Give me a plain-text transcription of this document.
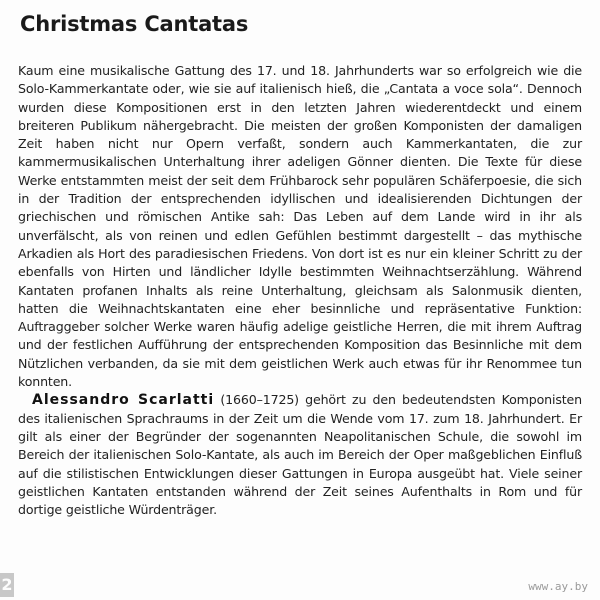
Christmas Cantatas

Kaum eine musikalische Gattung des 17. und 18. Jahrhunderts war so erfolgreich wie die Solo-Kammerkantate oder, wie sie auf italienisch hieß, die „Cantata a voce sola“. Dennoch wurden diese Kompositionen erst in den letzten Jahren wiederentdeckt und einem breiteren Publikum nähergebracht. Die meisten der großen Komponisten der damaligen Zeit haben nicht nur Opern verfaßt, sondern auch Kammerkantaten, die zur kammermusikalischen Unterhaltung ihrer adeligen Gönner dienten. Die Texte für diese Werke entstammten meist der seit dem Frühbarock sehr populären Schäferpoesie, die sich in der Tradition der entsprechenden idyllischen und idealisierenden Dichtungen der griechischen und römischen Antike sah: Das Leben auf dem Lande wird in ihr als unverfälscht, als von reinen und edlen Gefühlen bestimmt dargestellt – das mythische Arkadien als Hort des paradiesischen Friedens. Von dort ist es nur ein kleiner Schritt zu der ebenfalls von Hirten und ländlicher Idylle bestimmten Weihnachtserzählung. Während Kantaten profanen Inhalts als reine Unterhaltung, gleichsam als Salonmusik dienten, hatten die Weihnachtskantaten eine eher besinnliche und repräsentative Funktion: Auftraggeber solcher Werke waren häufig adelige geistliche Herren, die mit ihrem Auftrag und der festlichen Aufführung der entsprechenden Komposition das Besinnliche mit dem Nützlichen verbanden, da sie mit dem geistlichen Werk auch etwas für ihr Renommee tun konnten.

Alessandro Scarlatti (1660–1725) gehört zu den bedeutendsten Komponisten des italienischen Sprachraums in der Zeit um die Wende vom 17. zum 18. Jahrhundert. Er gilt als einer der Begründer der sogenannten Neapolitanischen Schule, die sowohl im Bereich der italienischen Solo-Kantate, als auch im Bereich der Oper maßgeblichen Einfluß auf die stilistischen Entwicklungen dieser Gattungen in Europa ausgeübt hat. Viele seiner geistlichen Kantaten entstanden während der Zeit seines Aufenthalts in Rom und für dortige geistliche Würdenträger.

2	www.ay.by
